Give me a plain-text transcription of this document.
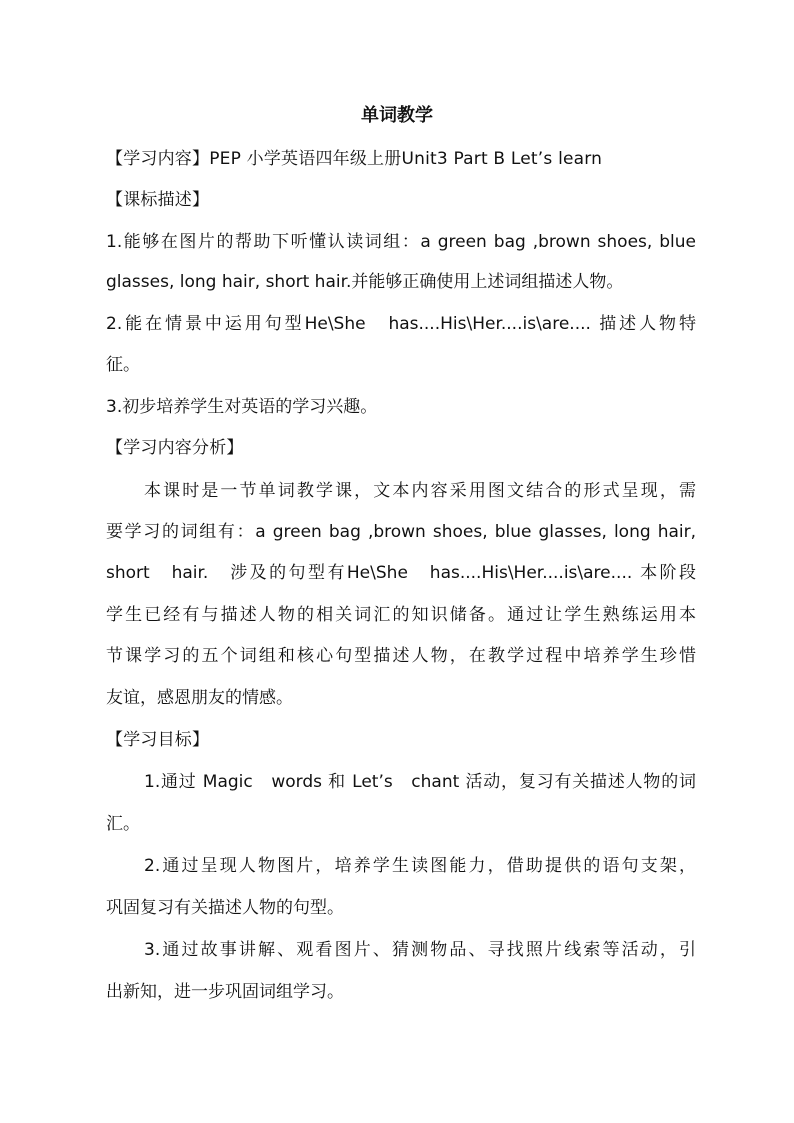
单词教学
【学习内容】PEP 小学英语四年级上册Unit3 Part B Let’s learn
【课标描述】
1.能够在图片的帮助下听懂认读词组：a green bag ,brown shoes, blue
glasses, long hair, short hair.并能够正确使用上述词组描述人物。
2.能在情景中运用句型He\She　has....His\Her....is\are.... 描述人物特
征。
3.初步培养学生对英语的学习兴趣。
【学习内容分析】
本课时是一节单词教学课，文本内容采用图文结合的形式呈现，需
要学习的词组有：a green bag ,brown shoes, blue glasses, long hair,
short　hair.　涉及的句型有He\She　has....His\Her....is\are.... 本阶段
学生已经有与描述人物的相关词汇的知识储备。通过让学生熟练运用本
节课学习的五个词组和核心句型描述人物，在教学过程中培养学生珍惜
友谊，感恩朋友的情感。
【学习目标】
1.通过 Magic　words 和 Let’s　chant 活动，复习有关描述人物的词
汇。
2.通过呈现人物图片，培养学生读图能力，借助提供的语句支架，
巩固复习有关描述人物的句型。
3.通过故事讲解、观看图片、猜测物品、寻找照片线索等活动，引
出新知，进一步巩固词组学习。
